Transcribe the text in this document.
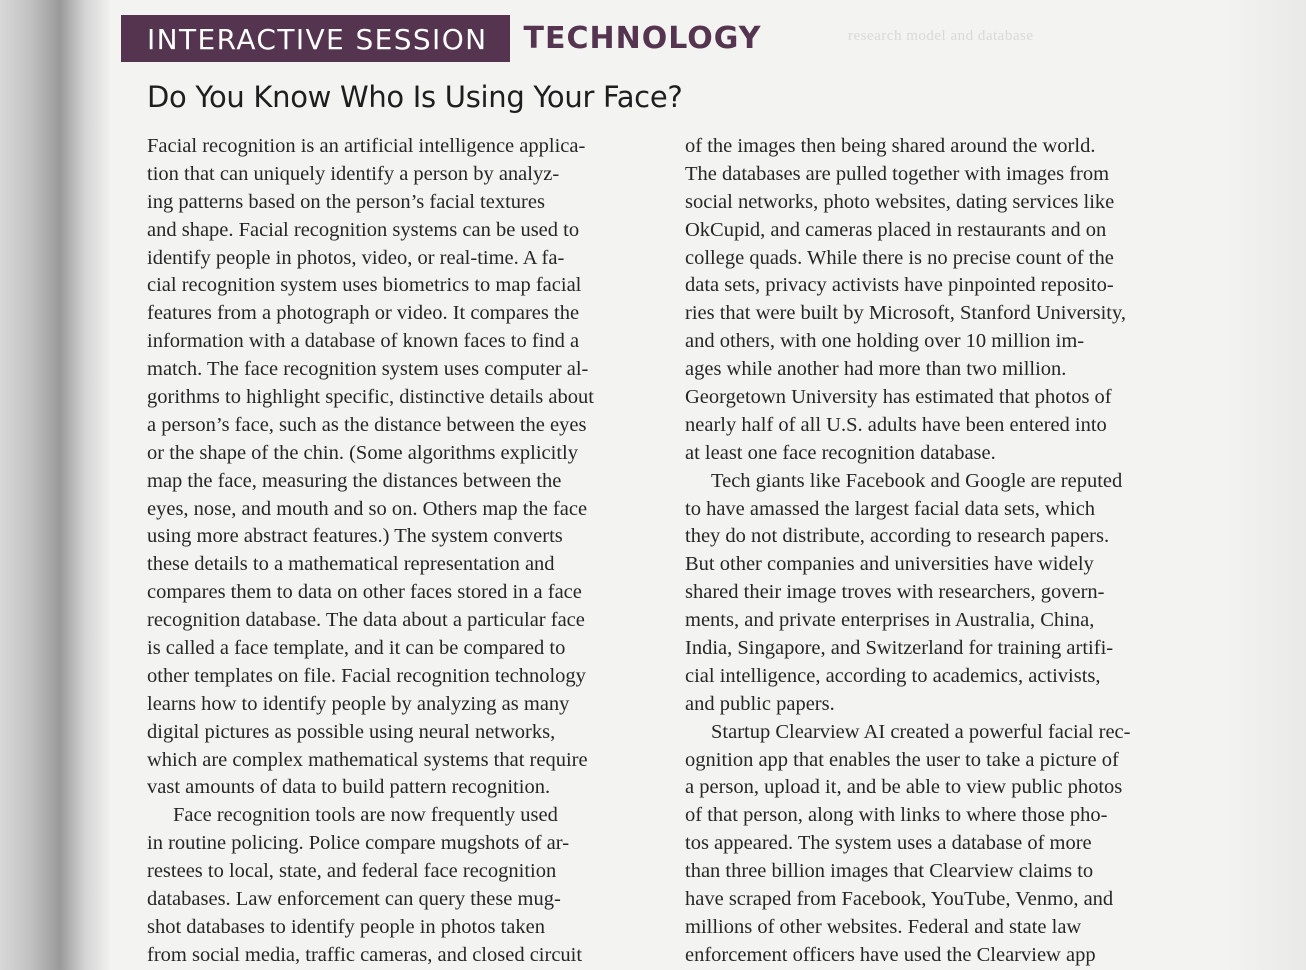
research model and database
INTERACTIVE SESSION	TECHNOLOGY
Do You Know Who Is Using Your Face?
Facial recognition is an artificial intelligence applica-
tion that can uniquely identify a person by analyz-
ing patterns based on the person’s facial textures
and shape. Facial recognition systems can be used to
identify people in photos, video, or real-time. A fa-
cial recognition system uses biometrics to map facial
features from a photograph or video. It compares the
information with a database of known faces to find a
match. The face recognition system uses computer al-
gorithms to highlight specific, distinctive details about
a person’s face, such as the distance between the eyes
or the shape of the chin. (Some algorithms explicitly
map the face, measuring the distances between the
eyes, nose, and mouth and so on. Others map the face
using more abstract features.) The system converts
these details to a mathematical representation and
compares them to data on other faces stored in a face
recognition database. The data about a particular face
is called a face template, and it can be compared to
other templates on file. Facial recognition technology
learns how to identify people by analyzing as many
digital pictures as possible using neural networks,
which are complex mathematical systems that require
vast amounts of data to build pattern recognition.
Face recognition tools are now frequently used
in routine policing. Police compare mugshots of ar-
restees to local, state, and federal face recognition
databases. Law enforcement can query these mug-
shot databases to identify people in photos taken
from social media, traffic cameras, and closed circuit
of the images then being shared around the world.
The databases are pulled together with images from
social networks, photo websites, dating services like
OkCupid, and cameras placed in restaurants and on
college quads. While there is no precise count of the
data sets, privacy activists have pinpointed reposito-
ries that were built by Microsoft, Stanford University,
and others, with one holding over 10 million im-
ages while another had more than two million.
Georgetown University has estimated that photos of
nearly half of all U.S. adults have been entered into
at least one face recognition database.
Tech giants like Facebook and Google are reputed
to have amassed the largest facial data sets, which
they do not distribute, according to research papers.
But other companies and universities have widely
shared their image troves with researchers, govern-
ments, and private enterprises in Australia, China,
India, Singapore, and Switzerland for training artifi-
cial intelligence, according to academics, activists,
and public papers.
Startup Clearview AI created a powerful facial rec-
ognition app that enables the user to take a picture of
a person, upload it, and be able to view public photos
of that person, along with links to where those pho-
tos appeared. The system uses a database of more
than three billion images that Clearview claims to
have scraped from Facebook, YouTube, Venmo, and
millions of other websites. Federal and state law
enforcement officers have used the Clearview app
